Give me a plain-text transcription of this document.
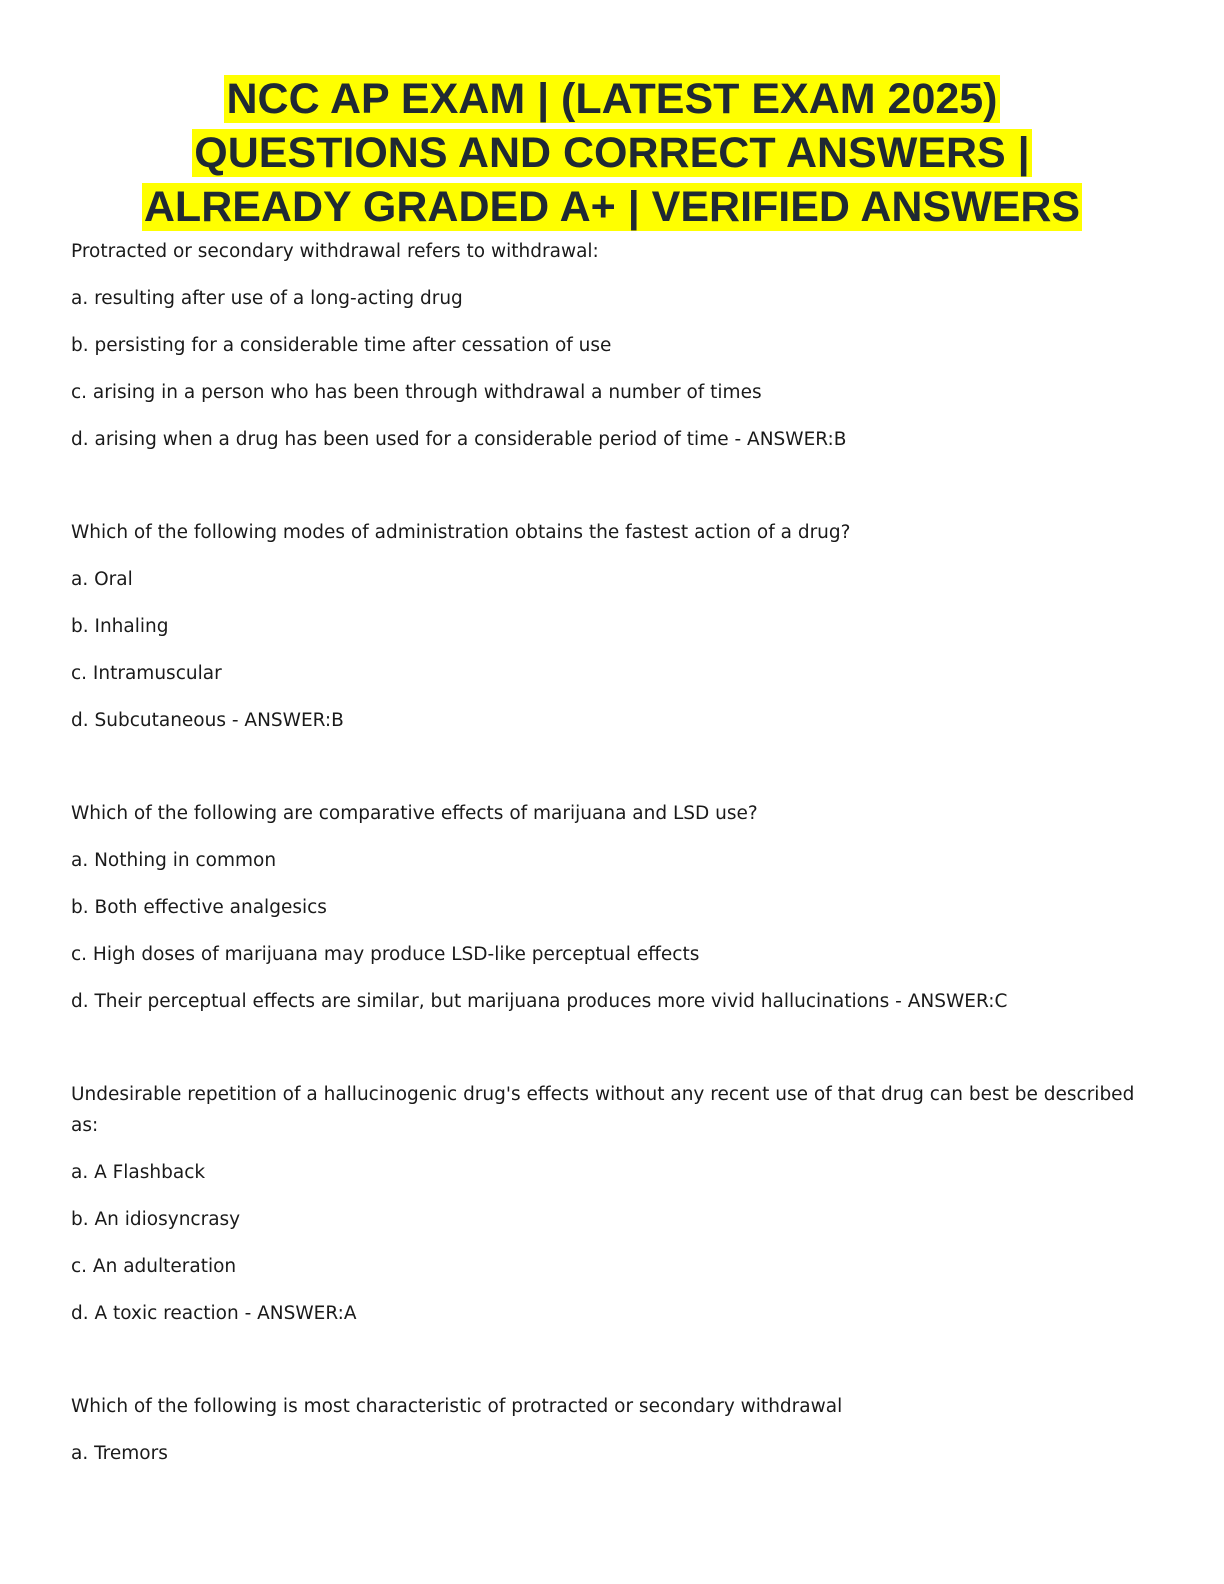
NCC AP EXAM | (LATEST EXAM 2025)
QUESTIONS AND CORRECT ANSWERS |
ALREADY GRADED A+ | VERIFIED ANSWERS

Protracted or secondary withdrawal refers to withdrawal:

a. resulting after use of a long-acting drug

b. persisting for a considerable time after cessation of use

c. arising in a person who has been through withdrawal a number of times

d. arising when a drug has been used for a considerable period of time - ANSWER:B

Which of the following modes of administration obtains the fastest action of a drug?

a. Oral

b. Inhaling

c. Intramuscular

d. Subcutaneous - ANSWER:B

Which of the following are comparative effects of marijuana and LSD use?

a. Nothing in common

b. Both effective analgesics

c. High doses of marijuana may produce LSD-like perceptual effects

d. Their perceptual effects are similar, but marijuana produces more vivid hallucinations - ANSWER:C

Undesirable repetition of a hallucinogenic drug's effects without any recent use of that drug can best be described as:

a. A Flashback

b. An idiosyncrasy

c. An adulteration

d. A toxic reaction - ANSWER:A

Which of the following is most characteristic of protracted or secondary withdrawal

a. Tremors
